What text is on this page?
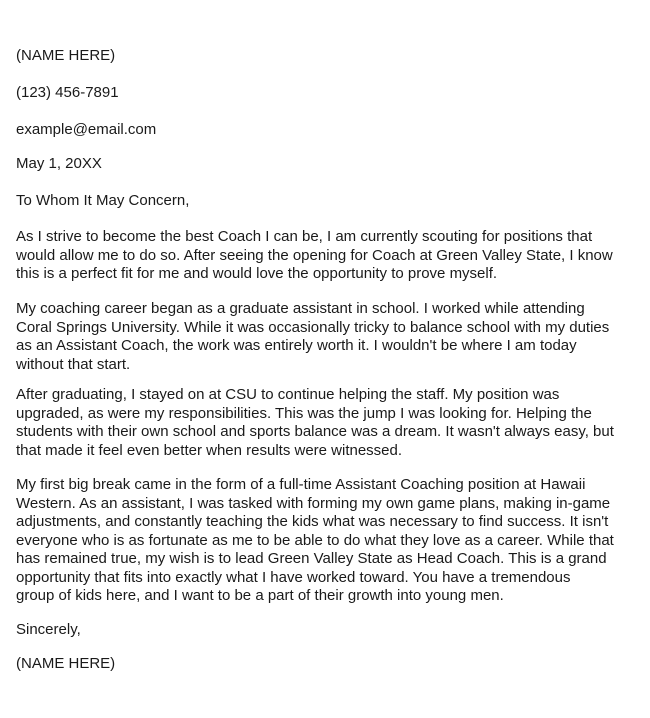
(NAME HERE)

(123) 456-7891

example@email.com

May 1, 20XX

To Whom It May Concern,

As I strive to become the best Coach I can be, I am currently scouting for positions that
would allow me to do so. After seeing the opening for Coach at Green Valley State, I know
this is a perfect fit for me and would love the opportunity to prove myself.
My coaching career began as a graduate assistant in school. I worked while attending
Coral Springs University. While it was occasionally tricky to balance school with my duties
as an Assistant Coach, the work was entirely worth it. I wouldn't be where I am today
without that start.
After graduating, I stayed on at CSU to continue helping the staff. My position was
upgraded, as were my responsibilities. This was the jump I was looking for. Helping the
students with their own school and sports balance was a dream. It wasn't always easy, but
that made it feel even better when results were witnessed.
My first big break came in the form of a full-time Assistant Coaching position at Hawaii
Western. As an assistant, I was tasked with forming my own game plans, making in-game
adjustments, and constantly teaching the kids what was necessary to find success. It isn't
everyone who is as fortunate as me to be able to do what they love as a career. While that
has remained true, my wish is to lead Green Valley State as Head Coach. This is a grand
opportunity that fits into exactly what I have worked toward. You have a tremendous
group of kids here, and I want to be a part of their growth into young men.

Sincerely,

(NAME HERE)
